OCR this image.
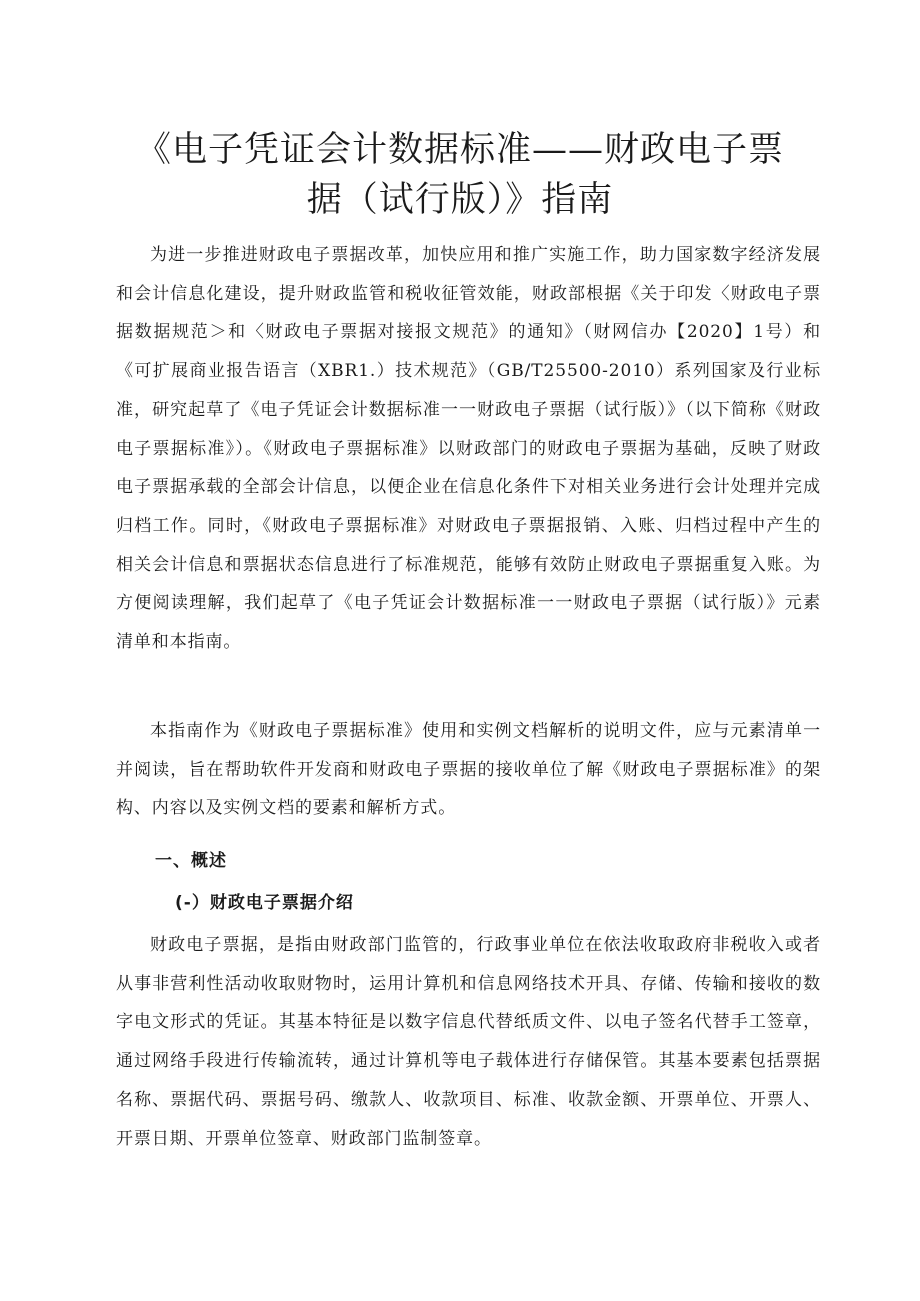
《电子凭证会计数据标准——财政电子票
据（试行版）》指南

为进一步推进财政电子票据改革，加快应用和推广实施工作，助力国家数字经济发展和会计信息化建设，提升财政监管和税收征管效能，财政部根据《关于印发〈财政电子票据数据规范＞和〈财政电子票据对接报文规范》的通知》（财网信办【2020】1号）和《可扩展商业报告语言（XBR1.）技术规范》（GB/T25500-2010）系列国家及行业标准，研究起草了《电子凭证会计数据标准一一财政电子票据（试行版）》（以下简称《财政电子票据标准》）。《财政电子票据标准》以财政部门的财政电子票据为基础，反映了财政电子票据承载的全部会计信息，以便企业在信息化条件下对相关业务进行会计处理并完成归档工作。同时，《财政电子票据标准》对财政电子票据报销、入账、归档过程中产生的相关会计信息和票据状态信息进行了标准规范，能够有效防止财政电子票据重复入账。为方便阅读理解，我们起草了《电子凭证会计数据标准一一财政电子票据（试行版）》元素清单和本指南。

本指南作为《财政电子票据标准》使用和实例文档解析的说明文件，应与元素清单一并阅读，旨在帮助软件开发商和财政电子票据的接收单位了解《财政电子票据标准》的架构、内容以及实例文档的要素和解析方式。

一、概述
(-）财政电子票据介绍

财政电子票据，是指由财政部门监管的，行政事业单位在依法收取政府非税收入或者从事非营利性活动收取财物时，运用计算机和信息网络技术开具、存储、传输和接收的数字电文形式的凭证。其基本特征是以数字信息代替纸质文件、以电子签名代替手工签章，通过网络手段进行传输流转，通过计算机等电子载体进行存储保管。其基本要素包括票据名称、票据代码、票据号码、缴款人、收款项目、标准、收款金额、开票单位、开票人、开票日期、开票单位签章、财政部门监制签章。
